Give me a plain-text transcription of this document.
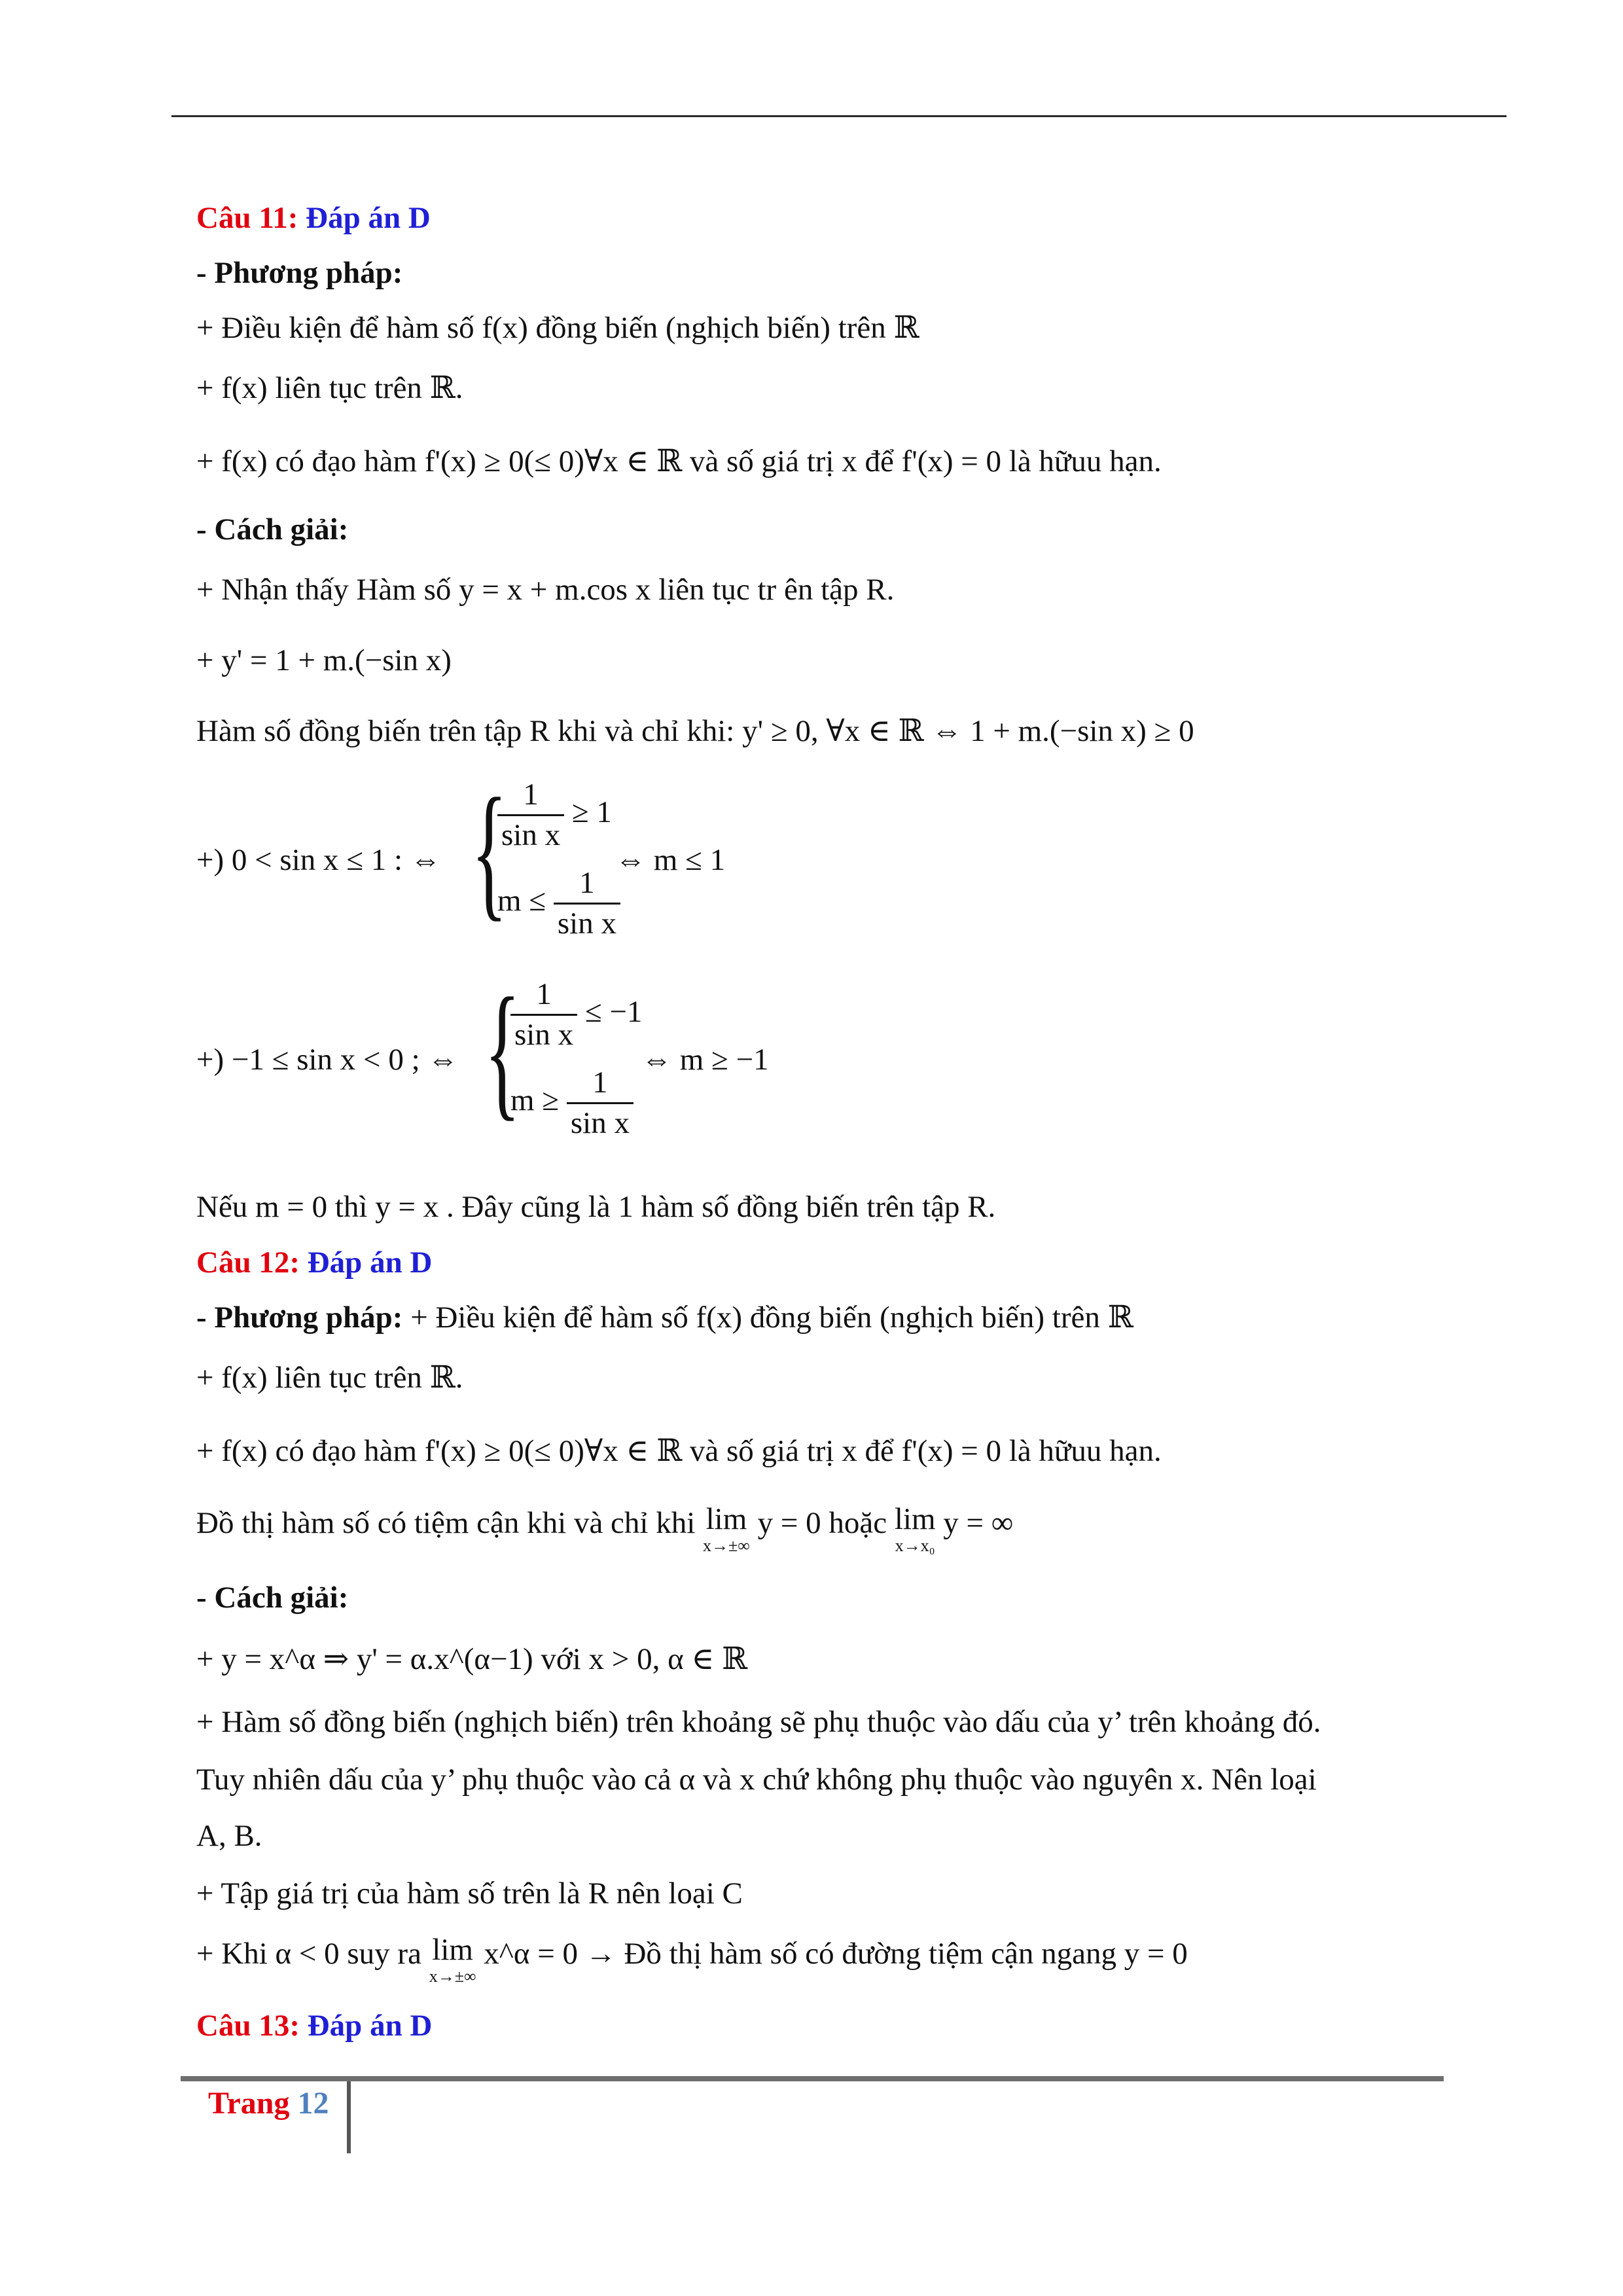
Câu 11: Đáp án D
- Phương pháp:
+ Điều kiện để hàm số f(x) đồng biến (nghịch biến) trên ℝ
+ f(x) liên tục trên ℝ.
+ f(x) có đạo hàm f'(x) ≥ 0(≤ 0)∀x ∈ ℝ và số giá trị x để f'(x) = 0 là hữuu hạn.
- Cách giải:
+ Nhận thấy Hàm số y = x + m.cos x liên tục tr ên tập R.
+ y' = 1 + m.(−sin x)
Hàm số đồng biến trên tập R khi và chỉ khi: y' ≥ 0, ∀x ∈ ℝ ⇔ 1 + m.(−sin x) ≥ 0
+) 0 < sin x ≤ 1 : ⇔ {
$\frac{1}{\text{sin x}} \ge 1$
$m \le \frac{1}{\text{sin x}}$
⇔ m ≤ 1
+) −1 ≤ sin x < 0 ; ⇔ {
$\frac{1}{\text{sin x}} \le -1$
$m \ge \frac{1}{\text{sin x}}$
⇔ m ≥ −1
Nếu m = 0 thì y = x . Đây cũng là 1 hàm số đồng biến trên tập R.
Câu 12: Đáp án D
- Phương pháp: + Điều kiện để hàm số f(x) đồng biến (nghịch biến) trên ℝ
+ f(x) liên tục trên ℝ.
+ f(x) có đạo hàm f'(x) ≥ 0(≤ 0)∀x ∈ ℝ và số giá trị x để f'(x) = 0 là hữuu hạn.
Đồ thị hàm số có tiệm cận khi và chỉ khi lim
x→±∞
y = 0 hoặc lim
x→x₀
y = ∞
- Cách giải:
+ y = x^α ⇒ y' = α.x^(α−1) với x > 0, α ∈ ℝ
+ Hàm số đồng biến (nghịch biến) trên khoảng sẽ phụ thuộc vào dấu của y’ trên khoảng đó.
Tuy nhiên dấu của y’ phụ thuộc vào cả α và x chứ không phụ thuộc vào nguyên x. Nên loại
A, B.
+ Tập giá trị của hàm số trên là R nên loại C
+ Khi α < 0 suy ra lim
x→±∞
x^α = 0 → Đồ thị hàm số có đường tiệm cận ngang y = 0
Câu 13: Đáp án D
Trang 12
